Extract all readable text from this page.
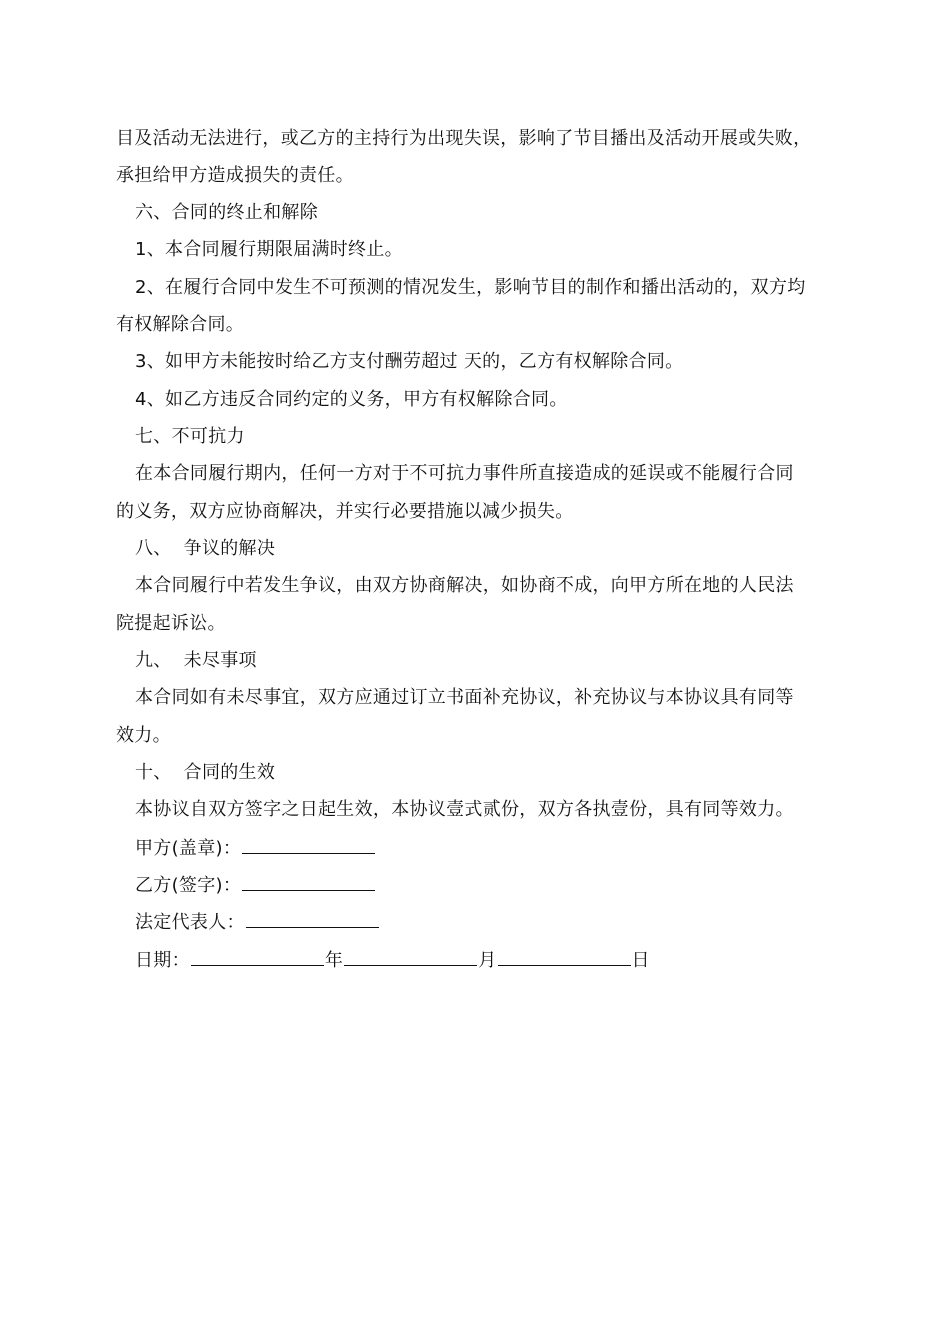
目及活动无法进行，或乙方的主持行为出现失误，影响了节目播出及活动开展或失败，
承担给甲方造成损失的责任。
六、合同的终止和解除
1、本合同履行期限届满时终止。
2、在履行合同中发生不可预测的情况发生，影响节目的制作和播出活动的，双方均
有权解除合同。
3、如甲方未能按时给乙方支付酬劳超过 天的，乙方有权解除合同。
4、如乙方违反合同约定的义务，甲方有权解除合同。
七、不可抗力
在本合同履行期内，任何一方对于不可抗力事件所直接造成的延误或不能履行合同
的义务，双方应协商解决，并实行必要措施以减少损失。
八、  争议的解决
本合同履行中若发生争议，由双方协商解决，如协商不成，向甲方所在地的人民法
院提起诉讼。
九、  未尽事项
本合同如有未尽事宜，双方应通过订立书面补充协议，补充协议与本协议具有同等
效力。
十、  合同的生效
本协议自双方签字之日起生效，本协议壹式贰份，双方各执壹份，具有同等效力。
甲方(盖章)：
乙方(签字)：
法定代表人：
日期：	年	月	日
